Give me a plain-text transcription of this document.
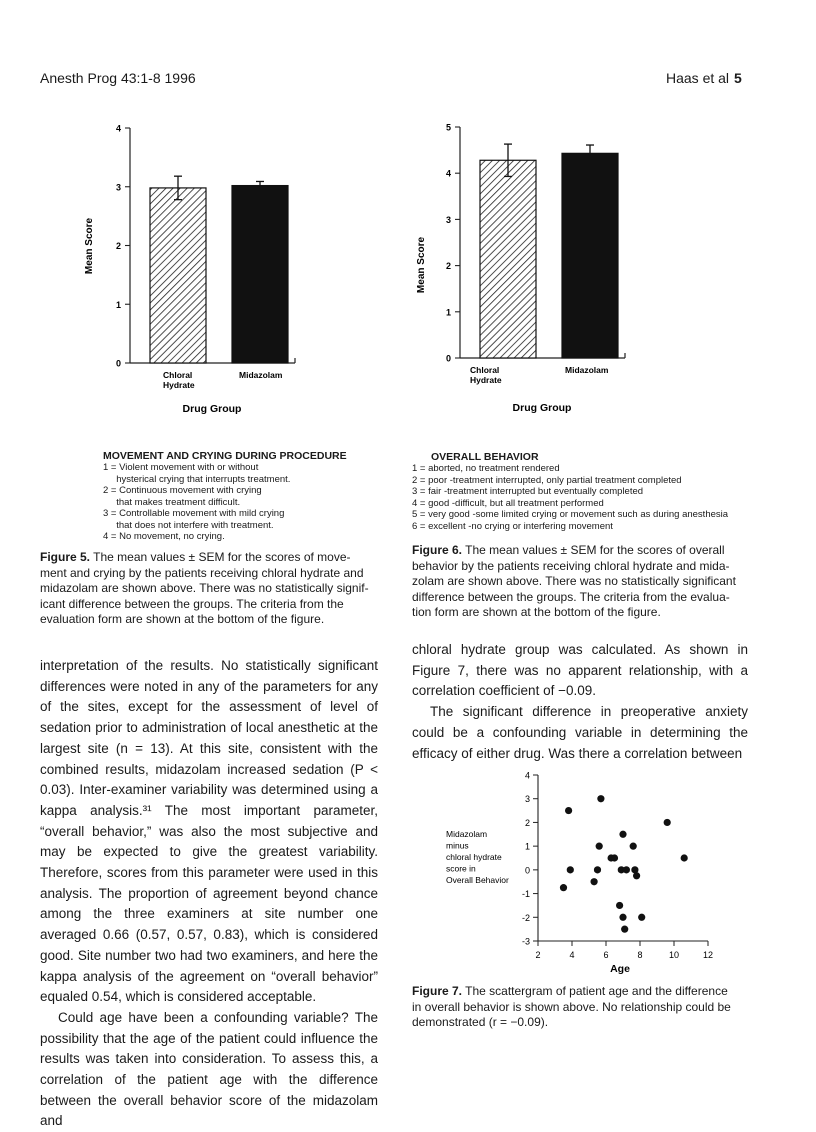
Anesth Prog 43:1-8 1996	Haas et al 5
0
1
2
3
4
Chloral
Hydrate
Midazolam
Mean Score
Drug Group
MOVEMENT AND CRYING DURING PROCEDURE
1 = Violent movement with or without
hysterical crying that interrupts treatment.
2 = Continuous movement with crying
that makes treatment difficult.
3 = Controllable movement with mild crying
that does not interfere with treatment.
4 = No movement, no crying.
Figure 5. The mean values ± SEM for the scores of move-
ment and crying by the patients receiving chloral hydrate and
midazolam are shown above. There was no statistically signif-
icant difference between the groups. The criteria from the
evaluation form are shown at the bottom of the figure.
0
1
2
3
4
5
Chloral
Hydrate
Midazolam
Mean Score
Drug Group
OVERALL BEHAVIOR
1 = aborted, no treatment rendered
2 = poor -treatment interrupted, only partial treatment completed
3 = fair -treatment interrupted but eventually completed
4 = good -difficult, but all treatment performed
5 = very good -some limited crying or movement such as during anesthesia
6 = excellent -no crying or interfering movement
Figure 6. The mean values ± SEM for the scores of overall
behavior by the patients receiving chloral hydrate and mida-
zolam are shown above. There was no statistically significant
difference between the groups. The criteria from the evalua-
tion form are shown at the bottom of the figure.

interpretation of the results. No statistically significant differences were noted in any of the parameters for any of the sites, except for the assessment of level of sedation prior to administration of local anesthetic at the largest site (n = 13). At this site, consistent with the combined results, midazolam increased sedation (P < 0.03). Inter-examiner variability was determined using a kappa analysis.³¹ The most important parameter, “overall behavior,” was also the most subjective and may be expected to give the greatest variability. Therefore, scores from this parameter were used in this analysis. The proportion of agreement beyond chance among the three examiners at site number one averaged 0.66 (0.57, 0.57, 0.83), which is considered good. Site number two had two examiners, and here the kappa analysis of the agreement on “overall behavior” equaled 0.54, which is considered acceptable.

Could age have been a confounding variable? The possibility that the age of the patient could influence the results was taken into consideration. To assess this, a correlation of the patient age with the difference between the overall behavior score of the midazolam and

chloral hydrate group was calculated. As shown in Figure 7, there was no apparent relationship, with a correlation coefficient of −0.09.

The significant difference in preoperative anxiety could be a confounding variable in determining the efficacy of either drug. Was there a correlation between

-3
-2
-1
0
1
2
3
4
2	4	6	8	10	12
Midazolam
minus
chloral hydrate
score in
Overall Behavior
Age
Figure 7. The scattergram of patient age and the difference
in overall behavior is shown above. No relationship could be
demonstrated (r = −0.09).
